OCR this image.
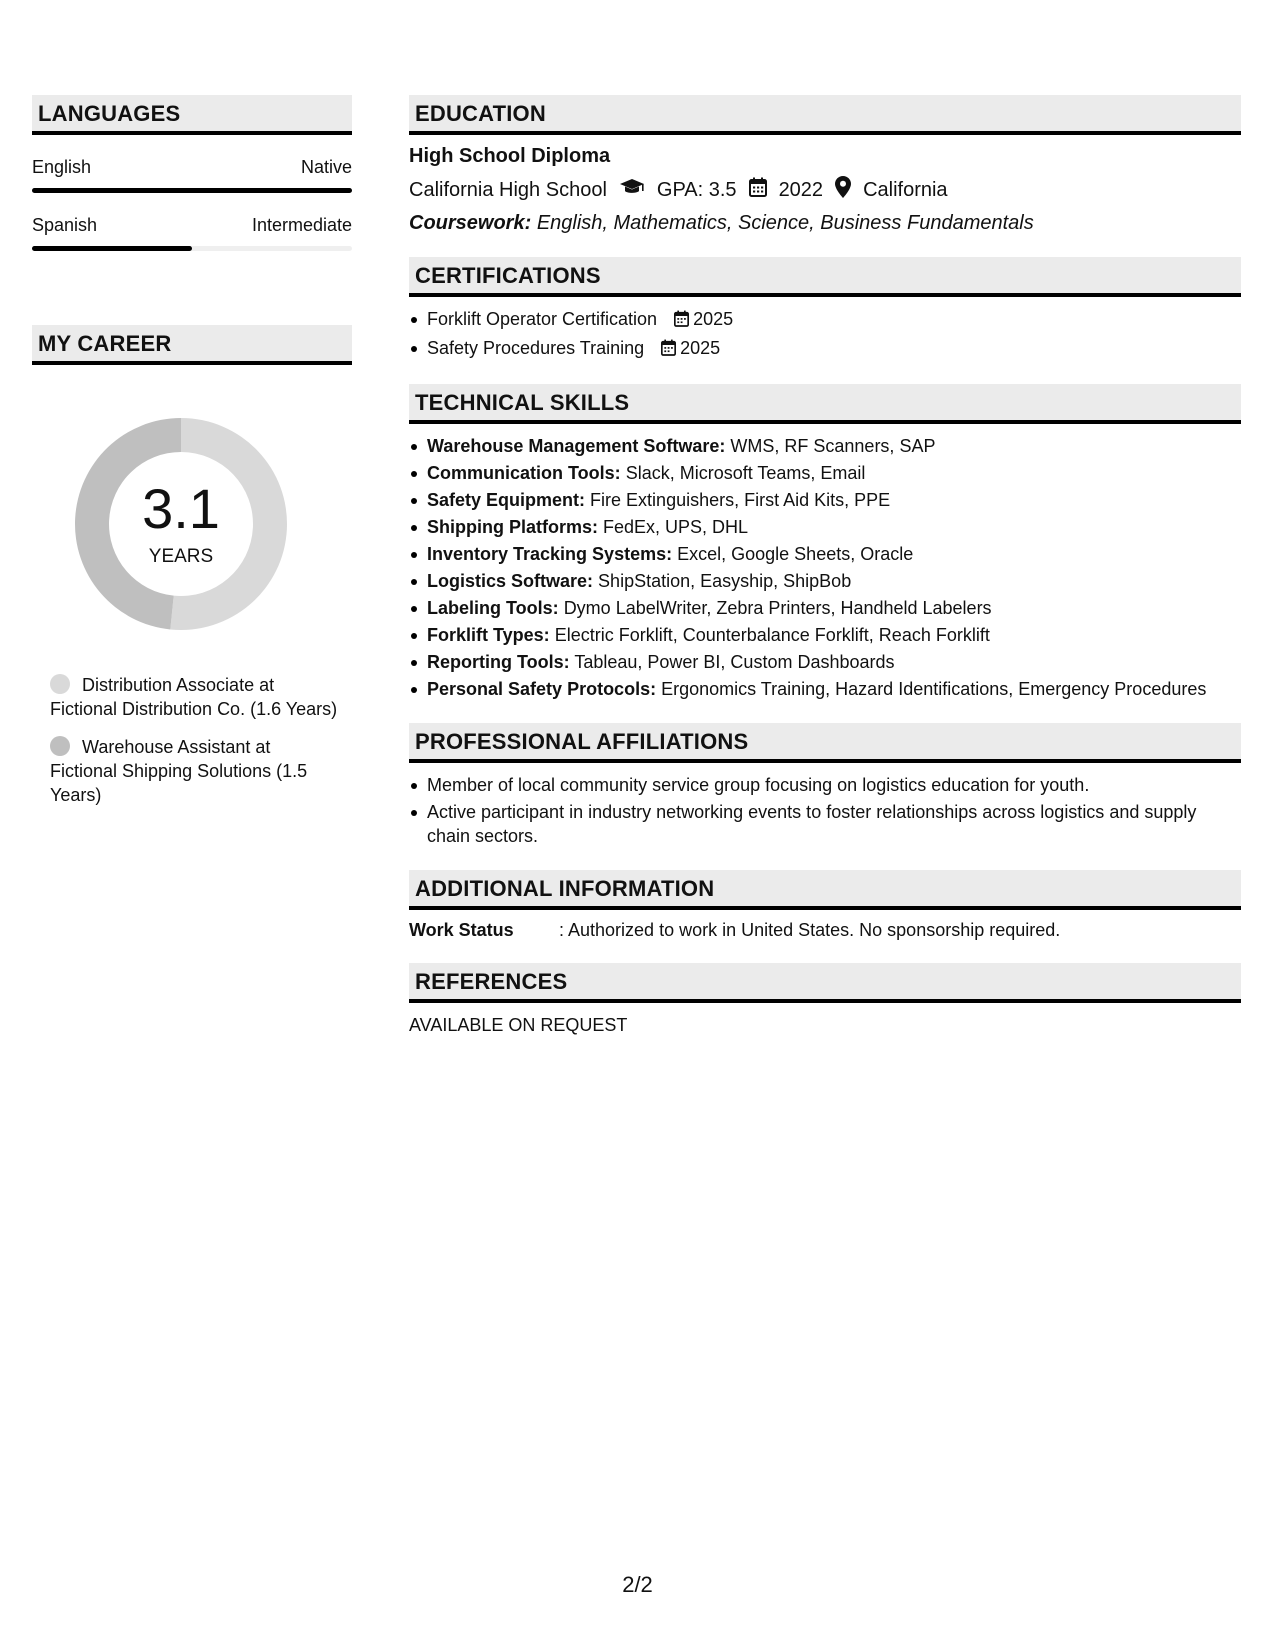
LANGUAGES
English	Native
Spanish	Intermediate
MY CAREER
3.1
YEARS
Distribution Associate at Fictional Distribution Co. (1.6 Years)
Warehouse Assistant at Fictional Shipping Solutions (1.5 Years)
EDUCATION
High School Diploma
California High School	GPA: 3.5 2022 California
Coursework: English, Mathematics, Science, Business Fundamentals
CERTIFICATIONS
Forklift Operator Certification 2025
Safety Procedures Training 2025
TECHNICAL SKILLS
Warehouse Management Software: WMS, RF Scanners, SAP
Communication Tools: Slack, Microsoft Teams, Email
Safety Equipment: Fire Extinguishers, First Aid Kits, PPE
Shipping Platforms: FedEx, UPS, DHL
Inventory Tracking Systems: Excel, Google Sheets, Oracle
Logistics Software: ShipStation, Easyship, ShipBob
Labeling Tools: Dymo LabelWriter, Zebra Printers, Handheld Labelers
Forklift Types: Electric Forklift, Counterbalance Forklift, Reach Forklift
Reporting Tools: Tableau, Power BI, Custom Dashboards
Personal Safety Protocols: Ergonomics Training, Hazard Identifications, Emergency Procedures
PROFESSIONAL AFFILIATIONS
Member of local community service group focusing on logistics education for youth.
Active participant in industry networking events to foster relationships across logistics and supply chain sectors.
ADDITIONAL INFORMATION
Work Status	: Authorized to work in United States. No sponsorship required.
REFERENCES
AVAILABLE ON REQUEST
2/2
